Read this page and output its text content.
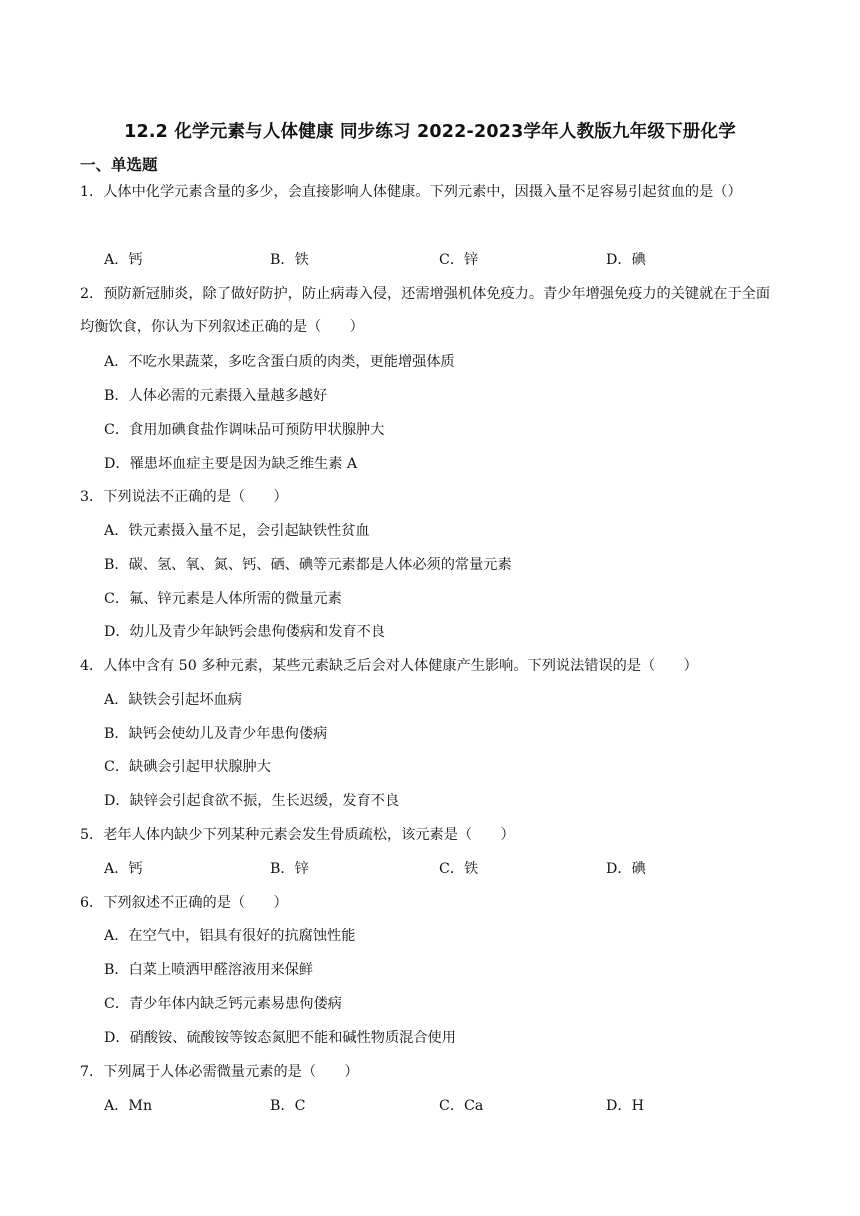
12.2 化学元素与人体健康 同步练习 2022-2023学年人教版九年级下册化学
一、单选题
1．人体中化学元素含量的多少，会直接影响人体健康。下列元素中，因摄入量不足容易引起贫血的是（）
A．钙	B．铁	C．锌	D．碘
2．预防新冠肺炎，除了做好防护，防止病毒入侵，还需增强机体免疫力。青少年增强免疫力的关键就在于全面均衡饮食，你认为下列叙述正确的是（　　）
A．不吃水果蔬菜，多吃含蛋白质的肉类，更能增强体质
B．人体必需的元素摄入量越多越好
C．食用加碘食盐作调味品可预防甲状腺肿大
D．罹患坏血症主要是因为缺乏维生素 A
3．下列说法不正确的是（　　）
A．铁元素摄入量不足，会引起缺铁性贫血
B．碳、氢、氧、氮、钙、硒、碘等元素都是人体必须的常量元素
C．氟、锌元素是人体所需的微量元素
D．幼儿及青少年缺钙会患佝偻病和发育不良
4．人体中含有 50 多种元素，某些元素缺乏后会对人体健康产生影响。下列说法错误的是（　　）
A．缺铁会引起坏血病
B．缺钙会使幼儿及青少年患佝偻病
C．缺碘会引起甲状腺肿大
D．缺锌会引起食欲不振，生长迟缓，发育不良
5．老年人体内缺少下列某种元素会发生骨质疏松，该元素是（　　）
A．钙	B．锌	C．铁	D．碘
6．下列叙述不正确的是（　　）
A．在空气中，铝具有很好的抗腐蚀性能
B．白菜上喷洒甲醛溶液用来保鲜
C．青少年体内缺乏钙元素易患佝偻病
D．硝酸铵、硫酸铵等铵态氮肥不能和碱性物质混合使用
7．下列属于人体必需微量元素的是（　　）
A．Mn	B．C	C．Ca	D．H
